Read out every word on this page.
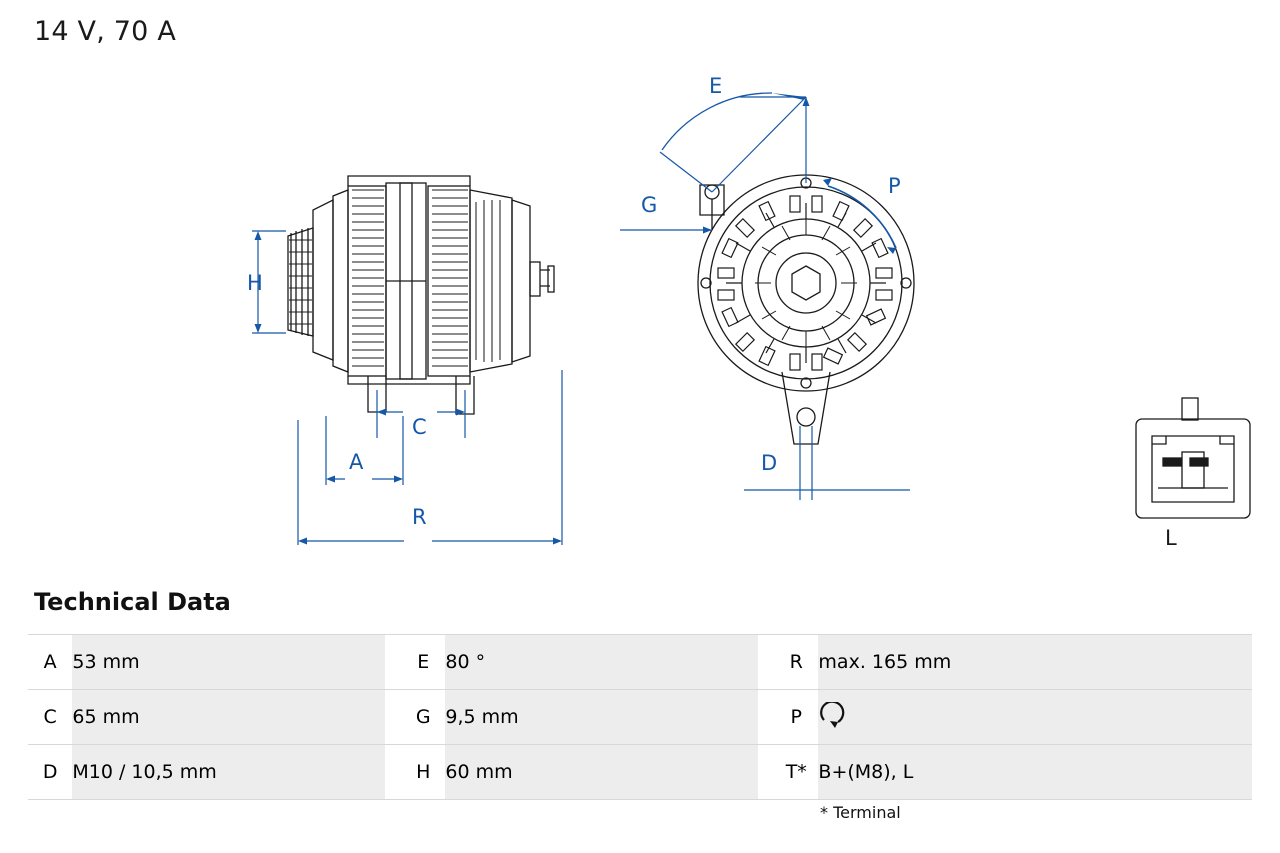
14 V, 70 A
H
C
A
R
E
G
P
D
L
Technical Data
A	53 mm		E	80 °		R	max. 165 mm
C	65 mm		G	9,5 mm		P	
D	M10 / 10,5 mm		H	60 mm		T*	B+(M8), L
* Terminal
